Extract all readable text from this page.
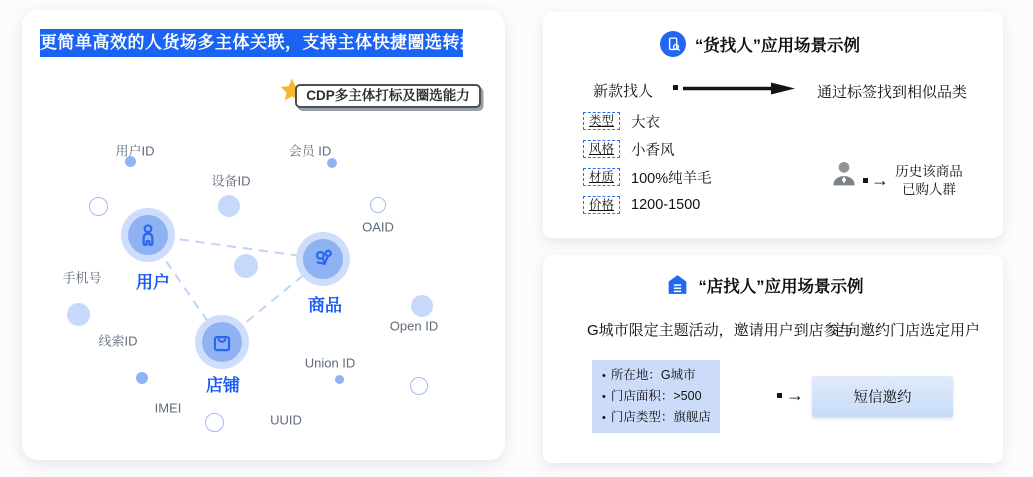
更简单高效的人货场多主体关联，支持主体快捷圈选转换
CDP多主体打标及圈选能力
用户ID	会员 ID
设备ID
OAID
手机号
线索ID
Open ID
Union ID
IMEI
UUID
用户
商品
店铺
“货找人”应用场景示例
新款找人	通过标签找到相似品类
类型	大衣
风格	小香风
材质	100%纯羊毛
价格	1200-1500
→ 历史该商品
已购人群
“店找人”应用场景示例
G城市限定主题活动，邀请用户到店参与
定向邀约门店选定用户
• 所在地：G城市
• 门店面积：>500
• 门店类型：旗舰店
→	短信邀约
